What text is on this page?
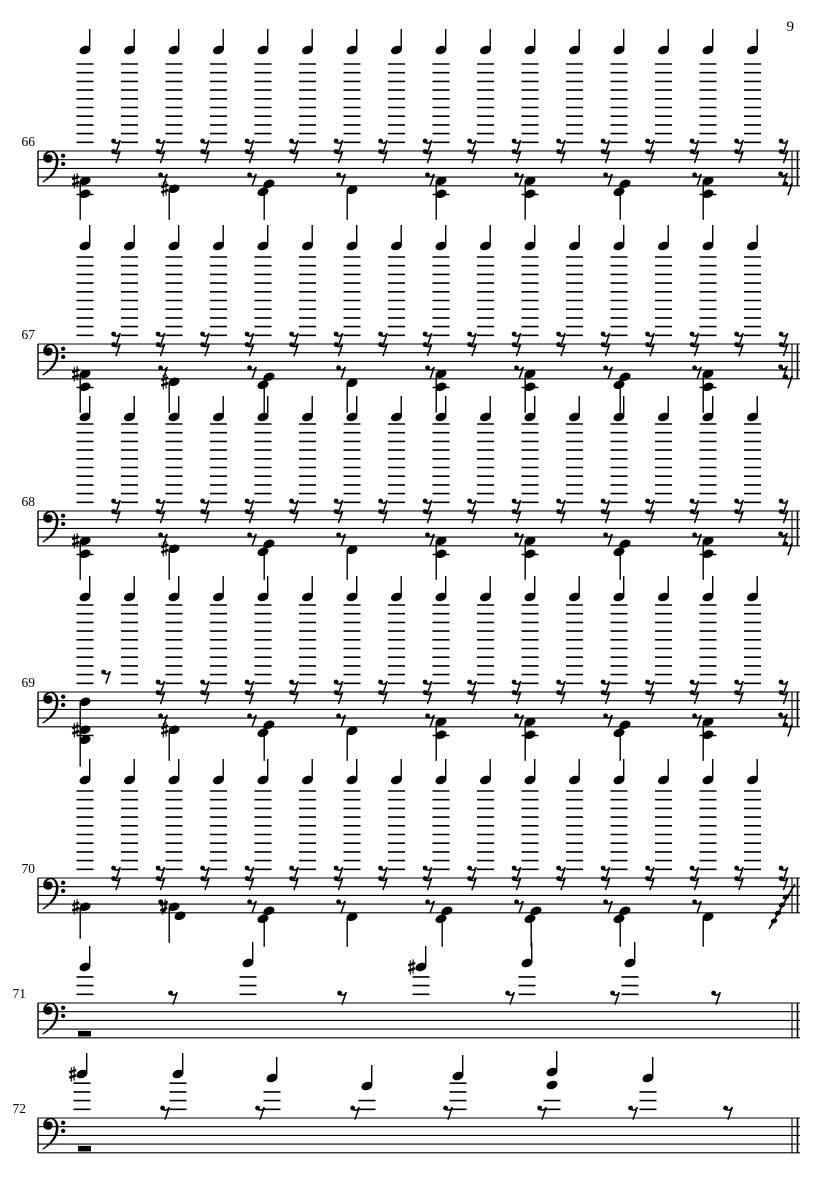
66
67
68
69
70
71
72
9
